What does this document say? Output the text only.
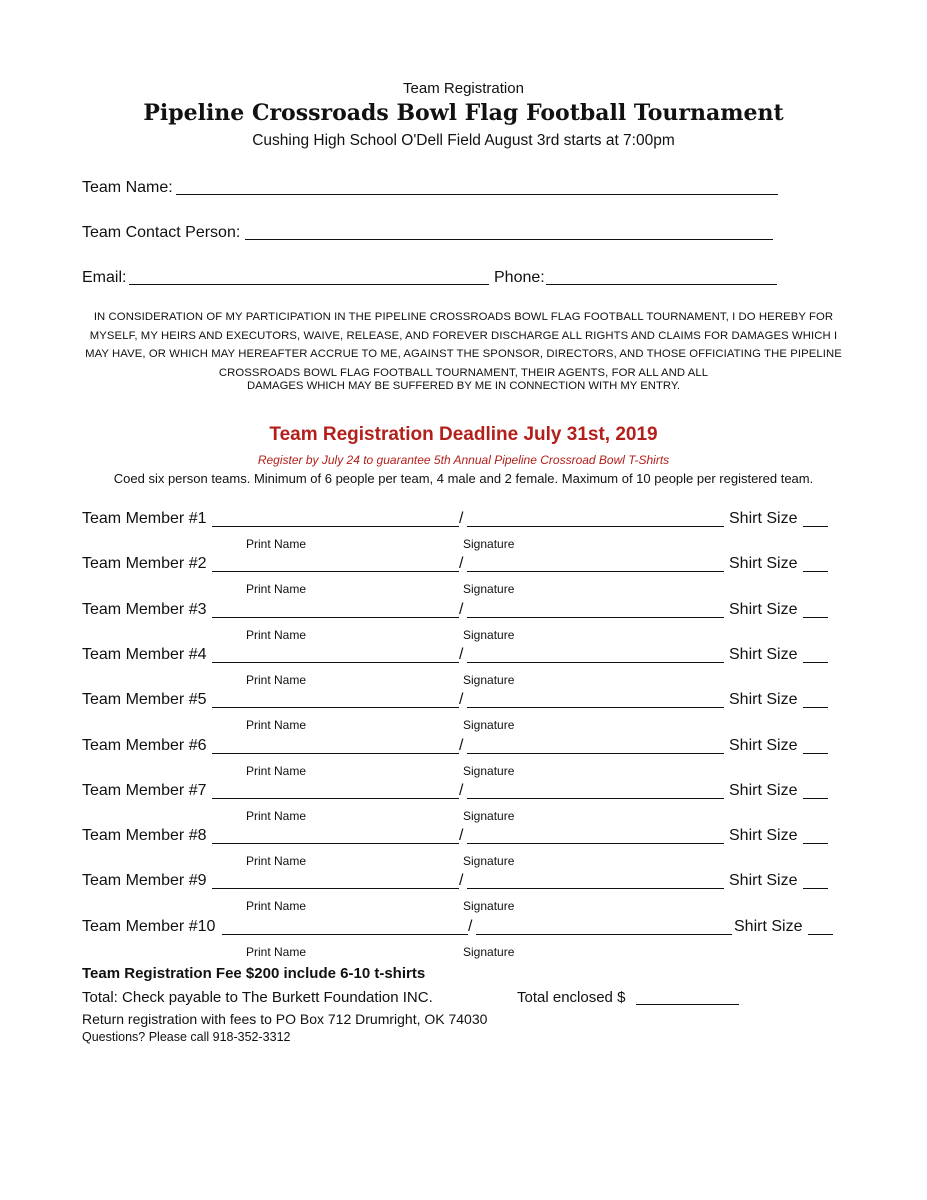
Team Registration
Pipeline Crossroads Bowl Flag Football Tournament
Cushing High School O'Dell Field August 3rd starts at 7:00pm
Team Name:
Team Contact Person:
Email:	Phone:
IN CONSIDERATION OF MY PARTICIPATION IN THE PIPELINE CROSSROADS BOWL FLAG FOOTBALL TOURNAMENT, I DO HEREBY FOR MYSELF, MY HEIRS AND EXECUTORS, WAIVE, RELEASE, AND FOREVER DISCHARGE ALL RIGHTS AND CLAIMS FOR DAMAGES WHICH I MAY HAVE, OR WHICH MAY HEREAFTER ACCRUE TO ME, AGAINST THE SPONSOR, DIRECTORS, AND THOSE OFFICIATING THE PIPELINE CROSSROADS BOWL FLAG FOOTBALL TOURNAMENT, THEIR AGENTS, FOR ALL AND ALL
DAMAGES WHICH MAY BE SUFFERED BY ME IN CONNECTION WITH MY ENTRY.
Team Registration Deadline July 31st, 2019
Register by July 24 to guarantee 5th Annual Pipeline Crossroad Bowl T-Shirts
Coed six person teams. Minimum of 6 people per team, 4 male and 2 female. Maximum of 10 people per registered team.
Team Member #1	/	Shirt Size
Print Name	Signature
Team Member #2	/	Shirt Size
Print Name	Signature
Team Member #3	/	Shirt Size
Print Name	Signature
Team Member #4	/	Shirt Size
Print Name	Signature
Team Member #5	/	Shirt Size
Print Name	Signature
Team Member #6	/	Shirt Size
Print Name	Signature
Team Member #7	/	Shirt Size
Print Name	Signature
Team Member #8	/	Shirt Size
Print Name	Signature
Team Member #9	/	Shirt Size
Print Name	Signature
Team Member #10	/	Shirt Size
Print Name	Signature
Team Registration Fee $200 include 6-10 t-shirts
Total: Check payable to The Burkett Foundation INC.	Total enclosed $
Return registration with fees to PO Box 712 Drumright, OK 74030
Questions? Please call 918-352-3312
